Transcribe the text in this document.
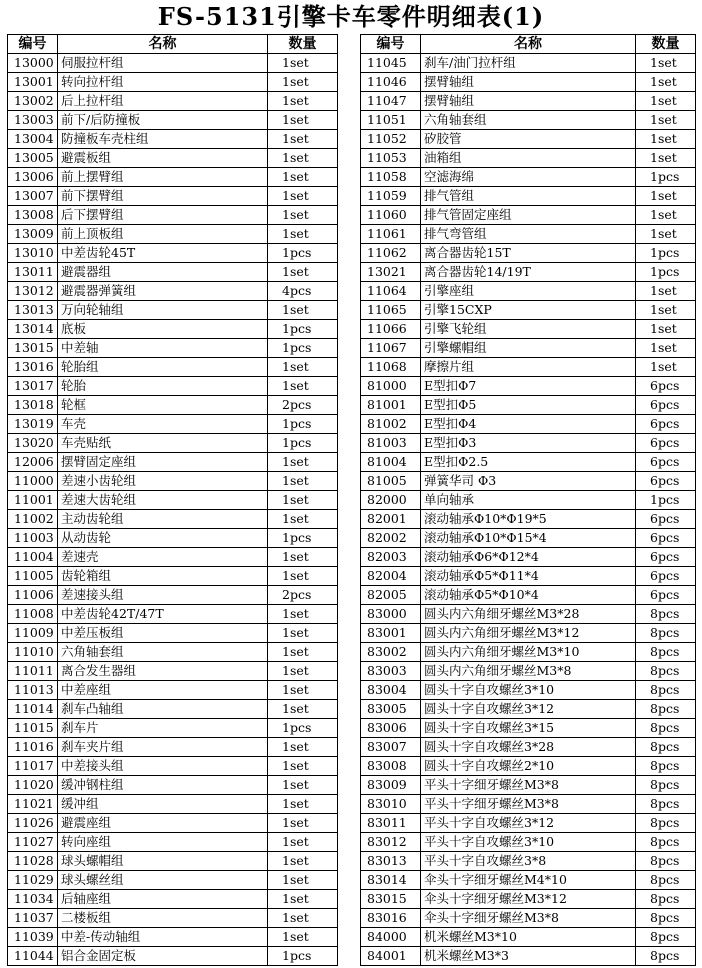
FS-5131引擎卡车零件明细表(1)
编号	名称	数量
13000	伺服拉杆组	1set
13001	转向拉杆组	1set
13002	后上拉杆组	1set
13003	前下/后防撞板	1set
13004	防撞板车壳柱组	1set
13005	避震板组	1set
13006	前上摆臂组	1set
13007	前下摆臂组	1set
13008	后下摆臂组	1set
13009	前上顶板组	1set
13010	中差齿轮45T	1pcs
13011	避震器组	1set
13012	避震器弹簧组	4pcs
13013	万向轮轴组	1set
13014	底板	1pcs
13015	中差轴	1pcs
13016	轮胎组	1set
13017	轮胎	1set
13018	轮框	2pcs
13019	车壳	1pcs
13020	车壳贴纸	1pcs
12006	摆臂固定座组	1set
11000	差速小齿轮组	1set
11001	差速大齿轮组	1set
11002	主动齿轮组	1set
11003	从动齿轮	1pcs
11004	差速壳	1set
11005	齿轮箱组	1set
11006	差速接头组	2pcs
11008	中差齿轮42T/47T	1set
11009	中差压板组	1set
11010	六角轴套组	1set
11011	离合发生器组	1set
11013	中差座组	1set
11014	刹车凸轴组	1set
11015	刹车片	1pcs
11016	刹车夹片组	1set
11017	中差接头组	1set
11020	缓冲钢柱组	1set
11021	缓冲组	1set
11026	避震座组	1set
11027	转向座组	1set
11028	球头螺帽组	1set
11029	球头螺丝组	1set
11034	后轴座组	1set
11037	二楼板组	1set
11039	中差-传动轴组	1set
11044	铝合金固定板	1pcs
编号	名称	数量
11045	刹车/油门拉杆组	1set
11046	摆臂轴组	1set
11047	摆臂轴组	1set
11051	六角轴套组	1set
11052	矽胶管	1set
11053	油箱组	1set
11058	空滤海绵	1pcs
11059	排气管组	1set
11060	排气管固定座组	1set
11061	排气弯管组	1set
11062	离合器齿轮15T	1pcs
13021	离合器齿轮14/19T	1pcs
11064	引擎座组	1set
11065	引擎15CXP	1set
11066	引擎飞轮组	1set
11067	引擎螺帽组	1set
11068	摩擦片组	1set
81000	E型扣Φ7	6pcs
81001	E型扣Φ5	6pcs
81002	E型扣Φ4	6pcs
81003	E型扣Φ3	6pcs
81004	E型扣Φ2.5	6pcs
81005	弹簧华司 Φ3	6pcs
82000	单向轴承	1pcs
82001	滚动轴承Φ10*Φ19*5	6pcs
82002	滚动轴承Φ10*Φ15*4	6pcs
82003	滚动轴承Φ6*Φ12*4	6pcs
82004	滚动轴承Φ5*Φ11*4	6pcs
82005	滚动轴承Φ5*Φ10*4	6pcs
83000	圆头内六角细牙螺丝M3*28	8pcs
83001	圆头内六角细牙螺丝M3*12	8pcs
83002	圆头内六角细牙螺丝M3*10	8pcs
83003	圆头内六角细牙螺丝M3*8	8pcs
83004	圆头十字自攻螺丝3*10	8pcs
83005	圆头十字自攻螺丝3*12	8pcs
83006	圆头十字自攻螺丝3*15	8pcs
83007	圆头十字自攻螺丝3*28	8pcs
83008	圆头十字自攻螺丝2*10	8pcs
83009	平头十字细牙螺丝M3*8	8pcs
83010	平头十字细牙螺丝M3*8	8pcs
83011	平头十字自攻螺丝3*12	8pcs
83012	平头十字自攻螺丝3*10	8pcs
83013	平头十字自攻螺丝3*8	8pcs
83014	伞头十字细牙螺丝M4*10	8pcs
83015	伞头十字细牙螺丝M3*12	8pcs
83016	伞头十字细牙螺丝M3*8	8pcs
84000	机米螺丝M3*10	8pcs
84001	机米螺丝M3*3	8pcs
